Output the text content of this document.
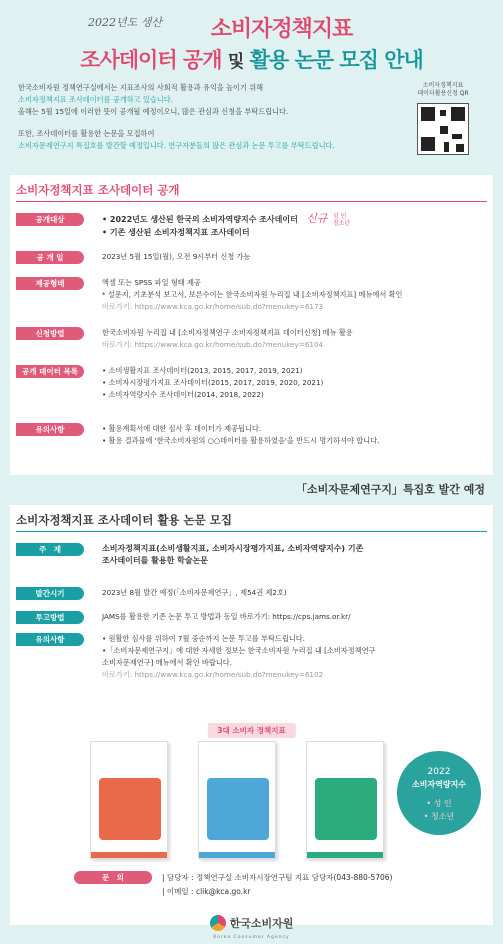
2022년도 생산	소비자정책지표
조사데이터 공개 및 활용 논문 모집 안내

한국소비자원 정책연구실에서는 지표조사의 사회적 활용과 유익을 높이기 위해

소비자정책지표 조사데이터를 공개하고 있습니다.

올해는 5월 15일에 이러한 뜻이 공개될 예정이오니, 많은 관심과 신청을 부탁드립니다.

또한, 조사데이터를 활용한 논문을 모집하여

소비자문제연구지 특집호를 발간할 예정입니다. 연구자분들의 많은 관심과 논문 투고를 부탁드립니다.

소비자정책지표
데이터활용신청 QR
소비자정책지표 조사데이터 공개
공개대상	• 2022년도 생산된 한국의 소비자역량지수 조사데이터 신규 성 인
청소년
• 기존 생산된 소비자정책지표 조사데이터
공 개 일	2023년 5월 15일(월), 오전 9시부터 신청 가능
제공형태	엑셀 또는 SPSS 파일 형태 제공
* 설문지, 기초분석 보고서, 보른수이는 한국소비자원 누리집 내 [소비자정책지표] 메뉴에서 확인
바로가기: https://www.kca.go.kr/home/sub.do?menukey=6173
신청방법	한국소비자원 누리집 내 [소비자정책연구 소비자정책지표 데이터신청] 메뉴 활용
바로가기: https://www.kca.go.kr/home/sub.do?menukey=6104
공개 데이터 목록	• 소비생활지표 조사데이터(2013, 2015, 2017, 2019, 2021)
• 소비자시장평가지표 조사데이터(2015, 2017, 2019, 2020, 2021)
• 소비자역량지수 조사데이터(2014, 2018, 2022)
유의사항	• 활용계획서에 대한 심사 후 데이터가 제공됩니다.
• 활용 결과물에 '한국소비자원의 ○○데이터를 활용하였음'을 반드시 명기하셔야 합니다.
「소비자문제연구지」특집호 발간 예정
소비자정책지표 조사데이터 활용 논문 모집
주　제	소비자정책지표(소비생활지표, 소비자시장평가지표, 소비자역량지수) 기존
조사데이터를 활용한 학술논문
발간시기	2023년 8월 발간 예정(「소비자문제연구」, 제54권 제2호)
투고방법	JAMS를 활용한 기존 논문 투고 방법과 동일 바로가기: https://cps.jams.or.kr/
유의사항	• 원활한 심사를 위하여 7월 중순까지 논문 투고를 부탁드립니다.
•「소비자문제연구지」에 대한 자세한 정보는 한국소비자원 누리집 내 [소비자정책연구
소비자문제연구] 메뉴에서 확인 바랍니다.
바로가기: https://www.kca.go.kr/home/sub.do?menukey=6102
3대 소비자 정책지표
2022
소비자역량지수
• 성 인
• 청소년
문　의	| 담당자 : 정책연구실 소비자시장연구팀 지표 담당자(043-880-5706)
| 이메일 : clik@kca.go.kr
한국소비자원
Korea Consumer Agency
